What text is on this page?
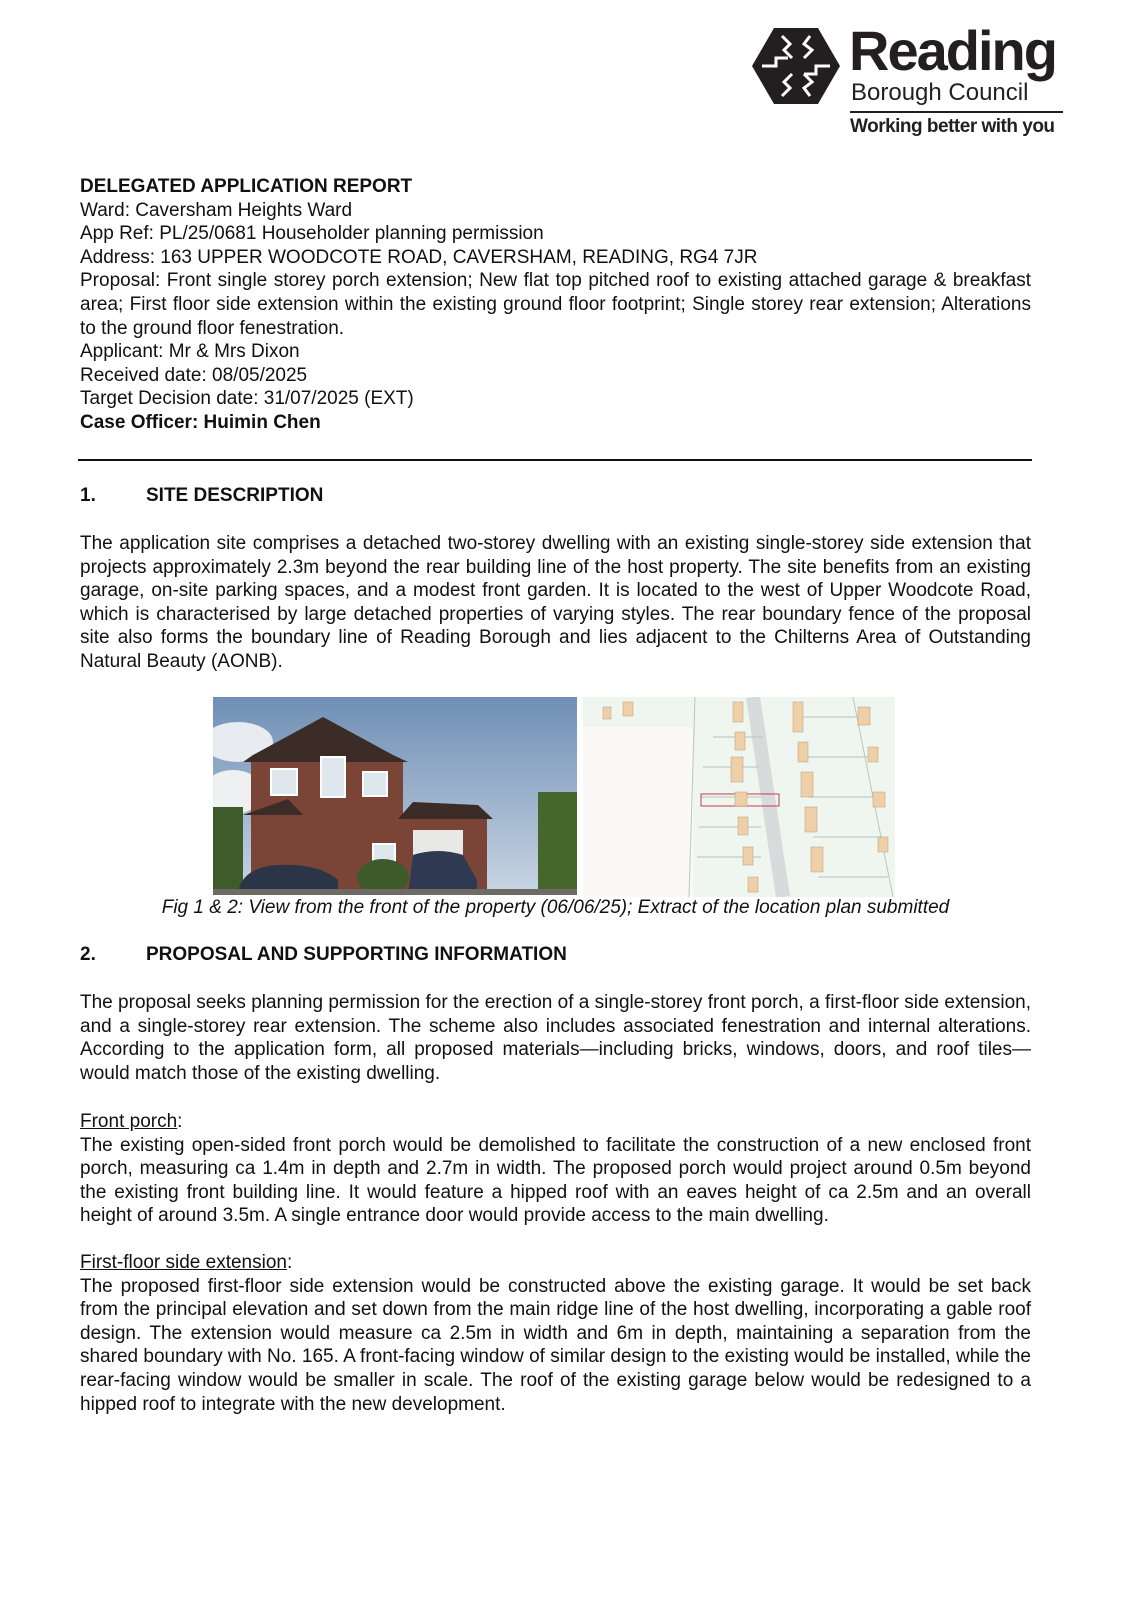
Reading
Borough Council
Working better with you
DELEGATED APPLICATION REPORT
Ward: Caversham Heights Ward
App Ref: PL/25/0681 Householder planning permission
Address: 163 UPPER WOODCOTE ROAD, CAVERSHAM, READING, RG4 7JR
Proposal: Front single storey porch extension; New flat top pitched roof to existing attached garage & breakfast area; First floor side extension within the existing ground floor footprint; Single storey rear extension; Alterations to the ground floor fenestration.
Applicant: Mr & Mrs Dixon
Received date: 08/05/2025
Target Decision date: 31/07/2025 (EXT)
Case Officer: Huimin Chen
1.	SITE DESCRIPTION
The application site comprises a detached two-storey dwelling with an existing single-storey side extension that projects approximately 2.3m beyond the rear building line of the host property. The site benefits from an existing garage, on-site parking spaces, and a modest front garden. It is located to the west of Upper Woodcote Road, which is characterised by large detached properties of varying styles. The rear boundary fence of the proposal site also forms the boundary line of Reading Borough and lies adjacent to the Chilterns Area of Outstanding Natural Beauty (AONB).
Fig 1 & 2: View from the front of the property (06/06/25); Extract of the location plan submitted
2.	PROPOSAL AND SUPPORTING INFORMATION
The proposal seeks planning permission for the erection of a single-storey front porch, a first-floor side extension, and a single-storey rear extension. The scheme also includes associated fenestration and internal alterations. According to the application form, all proposed materials—including bricks, windows, doors, and roof tiles—would match those of the existing dwelling.
Front porch:
The existing open-sided front porch would be demolished to facilitate the construction of a new enclosed front porch, measuring ca 1.4m in depth and 2.7m in width. The proposed porch would project around 0.5m beyond the existing front building line. It would feature a hipped roof with an eaves height of ca 2.5m and an overall height of around 3.5m. A single entrance door would provide access to the main dwelling.
First-floor side extension:
The proposed first-floor side extension would be constructed above the existing garage. It would be set back from the principal elevation and set down from the main ridge line of the host dwelling, incorporating a gable roof design. The extension would measure ca 2.5m in width and 6m in depth, maintaining a separation from the shared boundary with No. 165. A front-facing window of similar design to the existing would be installed, while the rear-facing window would be smaller in scale. The roof of the existing garage below would be redesigned to a hipped roof to integrate with the new development.
